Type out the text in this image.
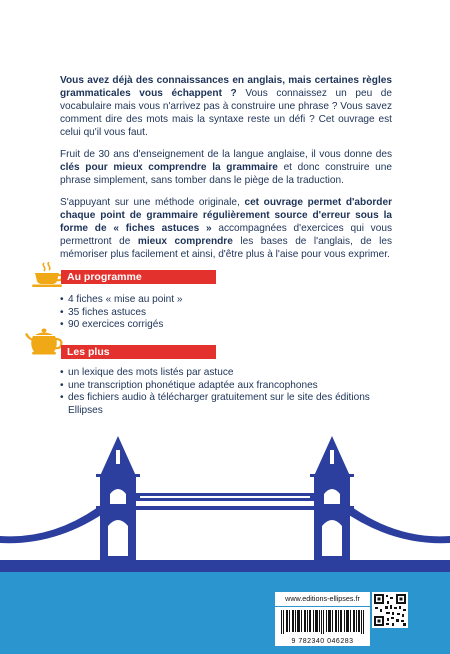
Vous avez déjà des connaissances en anglais, mais certaines règles grammaticales vous échappent ? Vous connaissez un peu de vocabulaire mais vous n'arrivez pas à construire une phrase ? Vous savez comment dire des mots mais la syntaxe reste un défi ? Cet ouvrage est celui qu'il vous faut.

Fruit de 30 ans d'enseignement de la langue anglaise, il vous donne des clés pour mieux comprendre la grammaire et donc construire une phrase simplement, sans tomber dans le piège de la traduction.

S'appuyant sur une méthode originale, cet ouvrage permet d'aborder chaque point de grammaire régulièrement source d'erreur sous la forme de « fiches astuces » accompagnées d'exercices qui vous permettront de mieux comprendre les bases de l'anglais, de les mémoriser plus facilement et ainsi, d'être plus à l'aise pour vous exprimer.

Au programme
• 4 fiches « mise au point »
• 35 fiches astuces
• 90 exercices corrigés
Les plus
• un lexique des mots listés par astuce
• une transcription phonétique adaptée aux francophones
• des fichiers audio à télécharger gratuitement sur le site des éditions Ellipses
www.editions-ellipses.fr
9 782340 046283
